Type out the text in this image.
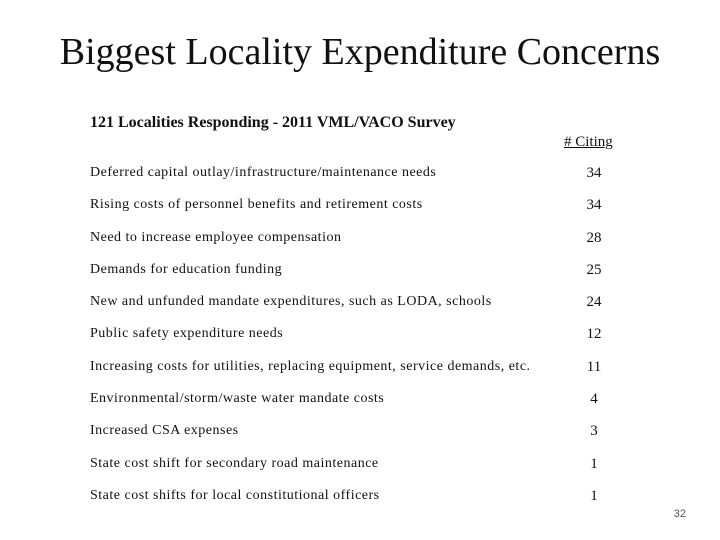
Biggest Locality Expenditure Concerns
121 Localities Responding - 2011 VML/VACO Survey
# Citing
Deferred capital outlay/infrastructure/maintenance needs	34
Rising costs of personnel benefits and retirement costs	34
Need to increase employee compensation	28
Demands for education funding	25
New and unfunded mandate expenditures, such as LODA, schools	24
Public safety expenditure needs	12
Increasing costs for utilities, replacing equipment, service demands, etc.	11
Environmental/storm/waste water mandate costs	4
Increased CSA expenses	3
State cost shift for secondary road maintenance	1
State cost shifts for local constitutional officers	1
32
